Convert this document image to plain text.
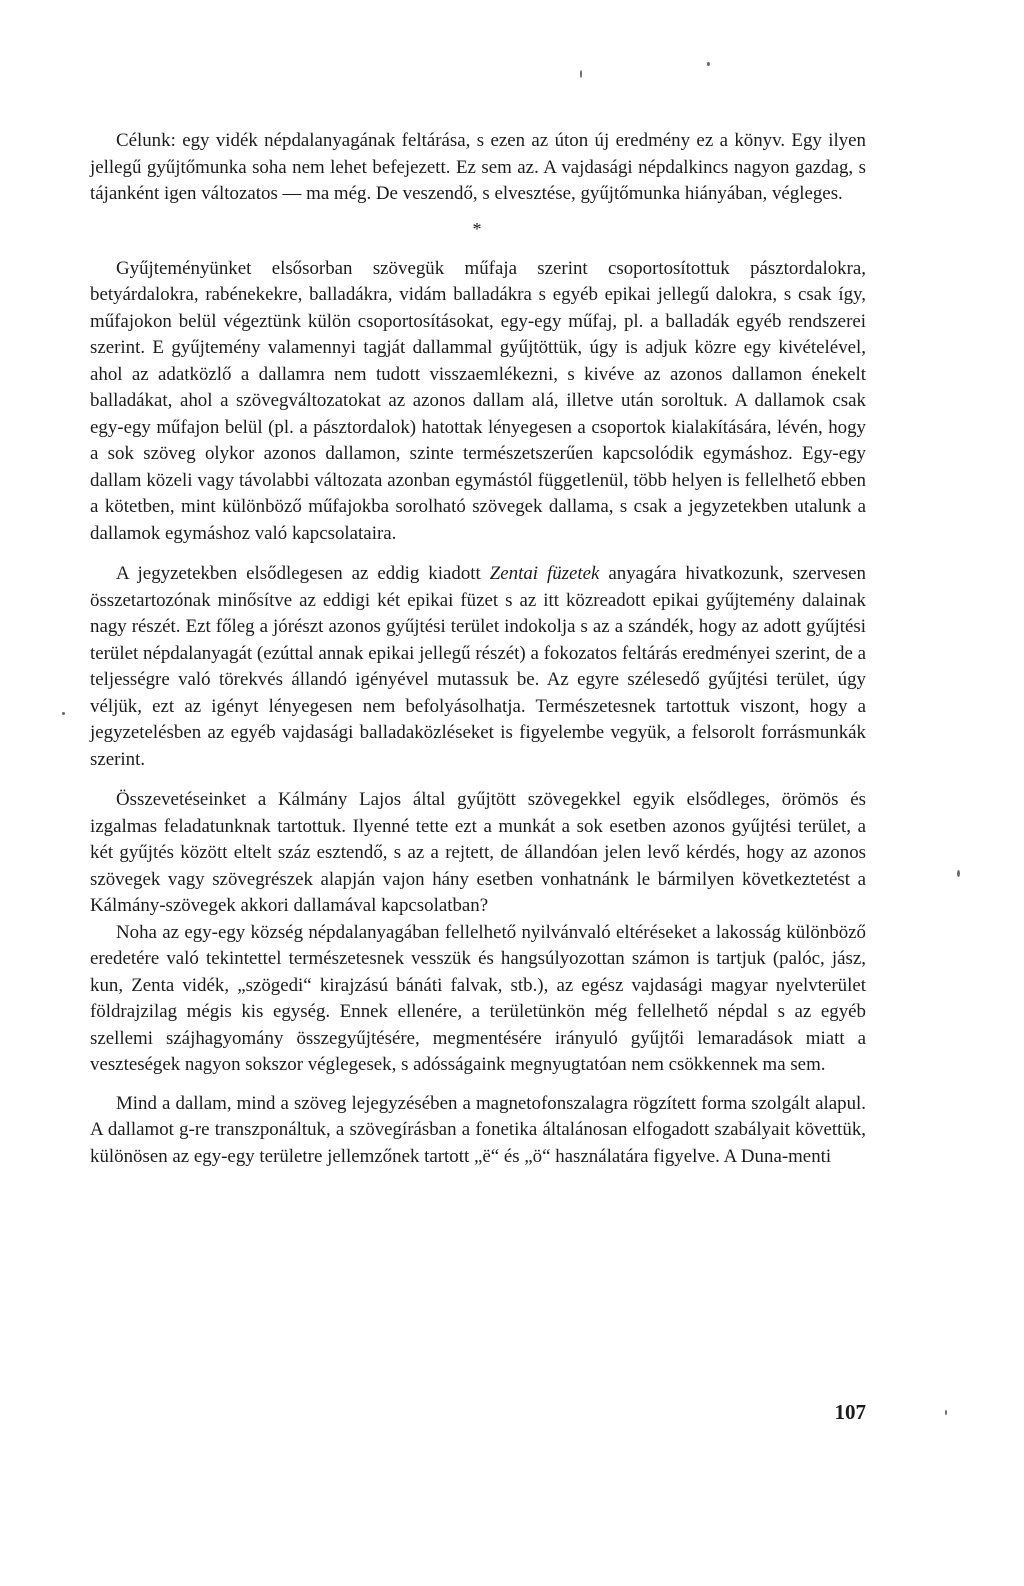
Célunk: egy vidék népdalanyagának feltárása, s ezen az úton új eredmény ez a könyv. Egy ilyen jellegű gyűjtőmunka soha nem lehet befejezett. Ez sem az. A vajdasági népdalkincs nagyon gazdag, s tájanként igen változatos — ma még. De veszendő, s elvesztése, gyűjtőmunka hiányában, végleges.

*

Gyűjteményünket elsősorban szövegük műfaja szerint csoportosítottuk pásztordalokra, betyárdalokra, rabénekekre, balladákra, vidám balladákra s egyéb epikai jellegű dalokra, s csak így, műfajokon belül végeztünk külön csoportosításokat, egy-egy műfaj, pl. a balladák egyéb rendszerei szerint. E gyűjtemény valamennyi tagját dallammal gyűjtöttük, úgy is adjuk közre egy kivételével, ahol az adatközlő a dallamra nem tudott visszaemlékezni, s kivéve az azonos dallamon énekelt balladákat, ahol a szövegváltozatokat az azonos dallam alá, illetve után soroltuk. A dallamok csak egy-egy műfajon belül (pl. a pásztordalok) hatottak lényegesen a csoportok kialakítására, lévén, hogy a sok szöveg olykor azonos dallamon, szinte természetszerűen kapcsolódik egymáshoz. Egy-egy dallam közeli vagy távolabbi változata azonban egymástól függetlenül, több helyen is fellelhető ebben a kötetben, mint különböző műfajokba sorolható szövegek dallama, s csak a jegyzetekben utalunk a dallamok egymáshoz való kapcsolataira.

A jegyzetekben elsődlegesen az eddig kiadott Zentai füzetek anyagára hivatkozunk, szervesen összetartozónak minősítve az eddigi két epikai füzet s az itt közreadott epikai gyűjtemény dalainak nagy részét. Ezt főleg a jórészt azonos gyűjtési terület indokolja s az a szándék, hogy az adott gyűjtési terület népdalanyagát (ezúttal annak epikai jellegű részét) a fokozatos feltárás eredményei szerint, de a teljességre való törekvés állandó igényével mutassuk be. Az egyre szélesedő gyűjtési terület, úgy véljük, ezt az igényt lényegesen nem befolyásolhatja. Természetesnek tartottuk viszont, hogy a jegyzetelésben az egyéb vajdasági balladaközléseket is figyelembe vegyük, a felsorolt forrásmunkák szerint.

Összevetéseinket a Kálmány Lajos által gyűjtött szövegekkel egyik elsődleges, örömös és izgalmas feladatunknak tartottuk. Ilyenné tette ezt a munkát a sok esetben azonos gyűjtési terület, a két gyűjtés között eltelt száz esztendő, s az a rejtett, de állandóan jelen levő kérdés, hogy az azonos szövegek vagy szövegrészek alapján vajon hány esetben vonhatnánk le bármilyen következtetést a Kálmány-szövegek akkori dallamával kapcsolatban?

Noha az egy-egy község népdalanyagában fellelhető nyilvánvaló eltéréseket a lakosság különböző eredetére való tekintettel természetesnek vesszük és hangsúlyozottan számon is tartjuk (palóc, jász, kun, Zenta vidék, „szögedi“ kirajzású bánáti falvak, stb.), az egész vajdasági magyar nyelvterület földrajzilag mégis kis egység. Ennek ellenére, a területünkön még fellelhető népdal s az egyéb szellemi szájhagyomány összegyűjtésére, megmentésére irányuló gyűjtői lemaradások miatt a veszteségek nagyon sokszor véglegesek, s adósságaink megnyugtatóan nem csökkennek ma sem.

Mind a dallam, mind a szöveg lejegyzésében a magnetofonszalagra rögzített forma szolgált alapul. A dallamot g-re transzponáltuk, a szövegírásban a fonetika általánosan elfogadott szabályait követtük, különösen az egy-egy területre jellemzőnek tartott „ë“ és „ö“ használatára figyelve. A Duna-menti

107
